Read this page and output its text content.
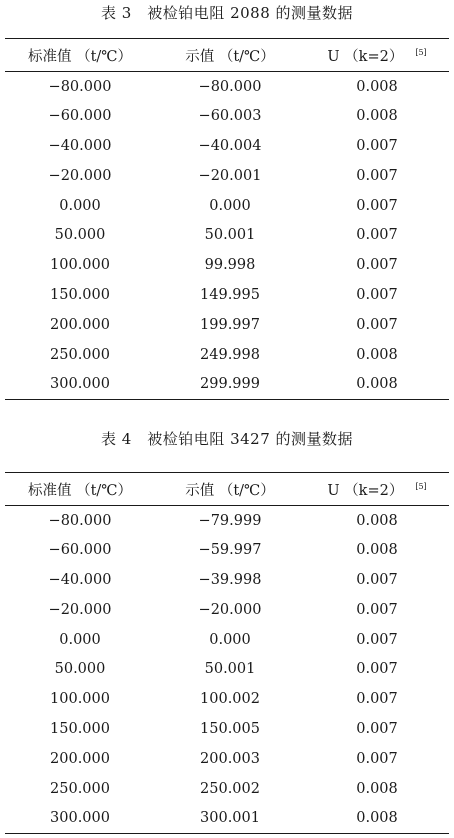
表 3　被检铂电阻 2088 的测量数据
标准值 （t/℃）	示值 （t/℃）	U （k=2） [5]
−80.000	−80.000	0.008
−60.000	−60.003	0.008
−40.000	−40.004	0.007
−20.000	−20.001	0.007
0.000	0.000	0.007
50.000	50.001	0.007
100.000	99.998	0.007
150.000	149.995	0.007
200.000	199.997	0.007
250.000	249.998	0.008
300.000	299.999	0.008
表 4　被检铂电阻 3427 的测量数据
标准值 （t/℃）	示值 （t/℃）	U （k=2） [5]
−80.000	−79.999	0.008
−60.000	−59.997	0.008
−40.000	−39.998	0.007
−20.000	−20.000	0.007
0.000	0.000	0.007
50.000	50.001	0.007
100.000	100.002	0.007
150.000	150.005	0.007
200.000	200.003	0.007
250.000	250.002	0.008
300.000	300.001	0.008
